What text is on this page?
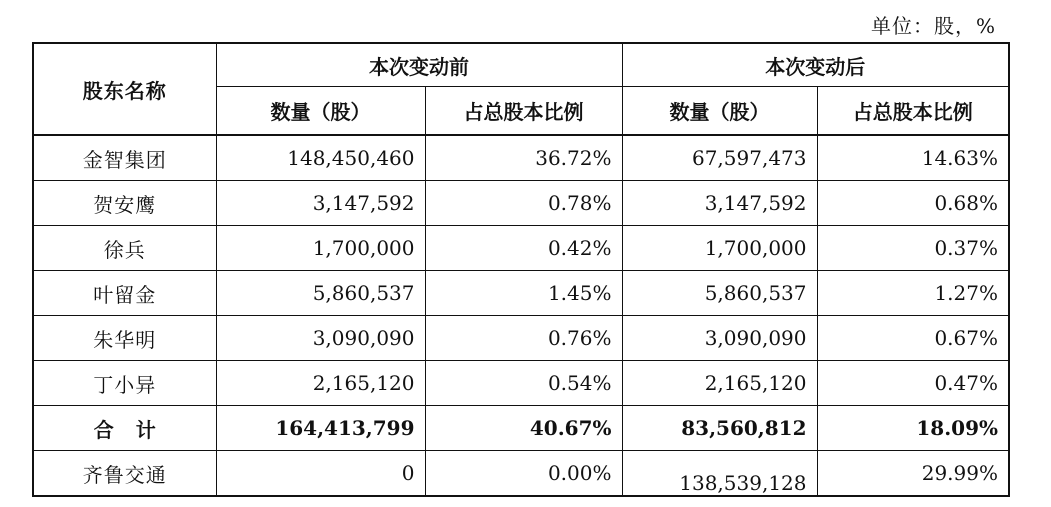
单位：股，%
股东名称	本次变动前		本次变动后	
	数量（股）	占总股本比例	数量（股）	占总股本比例
金智集团	148,450,460	36.72%	67,597,473	14.63%
贺安鹰	3,147,592	0.78%	3,147,592	0.68%
徐兵	1,700,000	0.42%	1,700,000	0.37%
叶留金	5,860,537	1.45%	5,860,537	1.27%
朱华明	3,090,090	0.76%	3,090,090	0.67%
丁小异	2,165,120	0.54%	2,165,120	0.47%
合计	164,413,799	40.67%	83,560,812	18.09%
齐鲁交通	0	0.00%	138,539,128	29.99%
